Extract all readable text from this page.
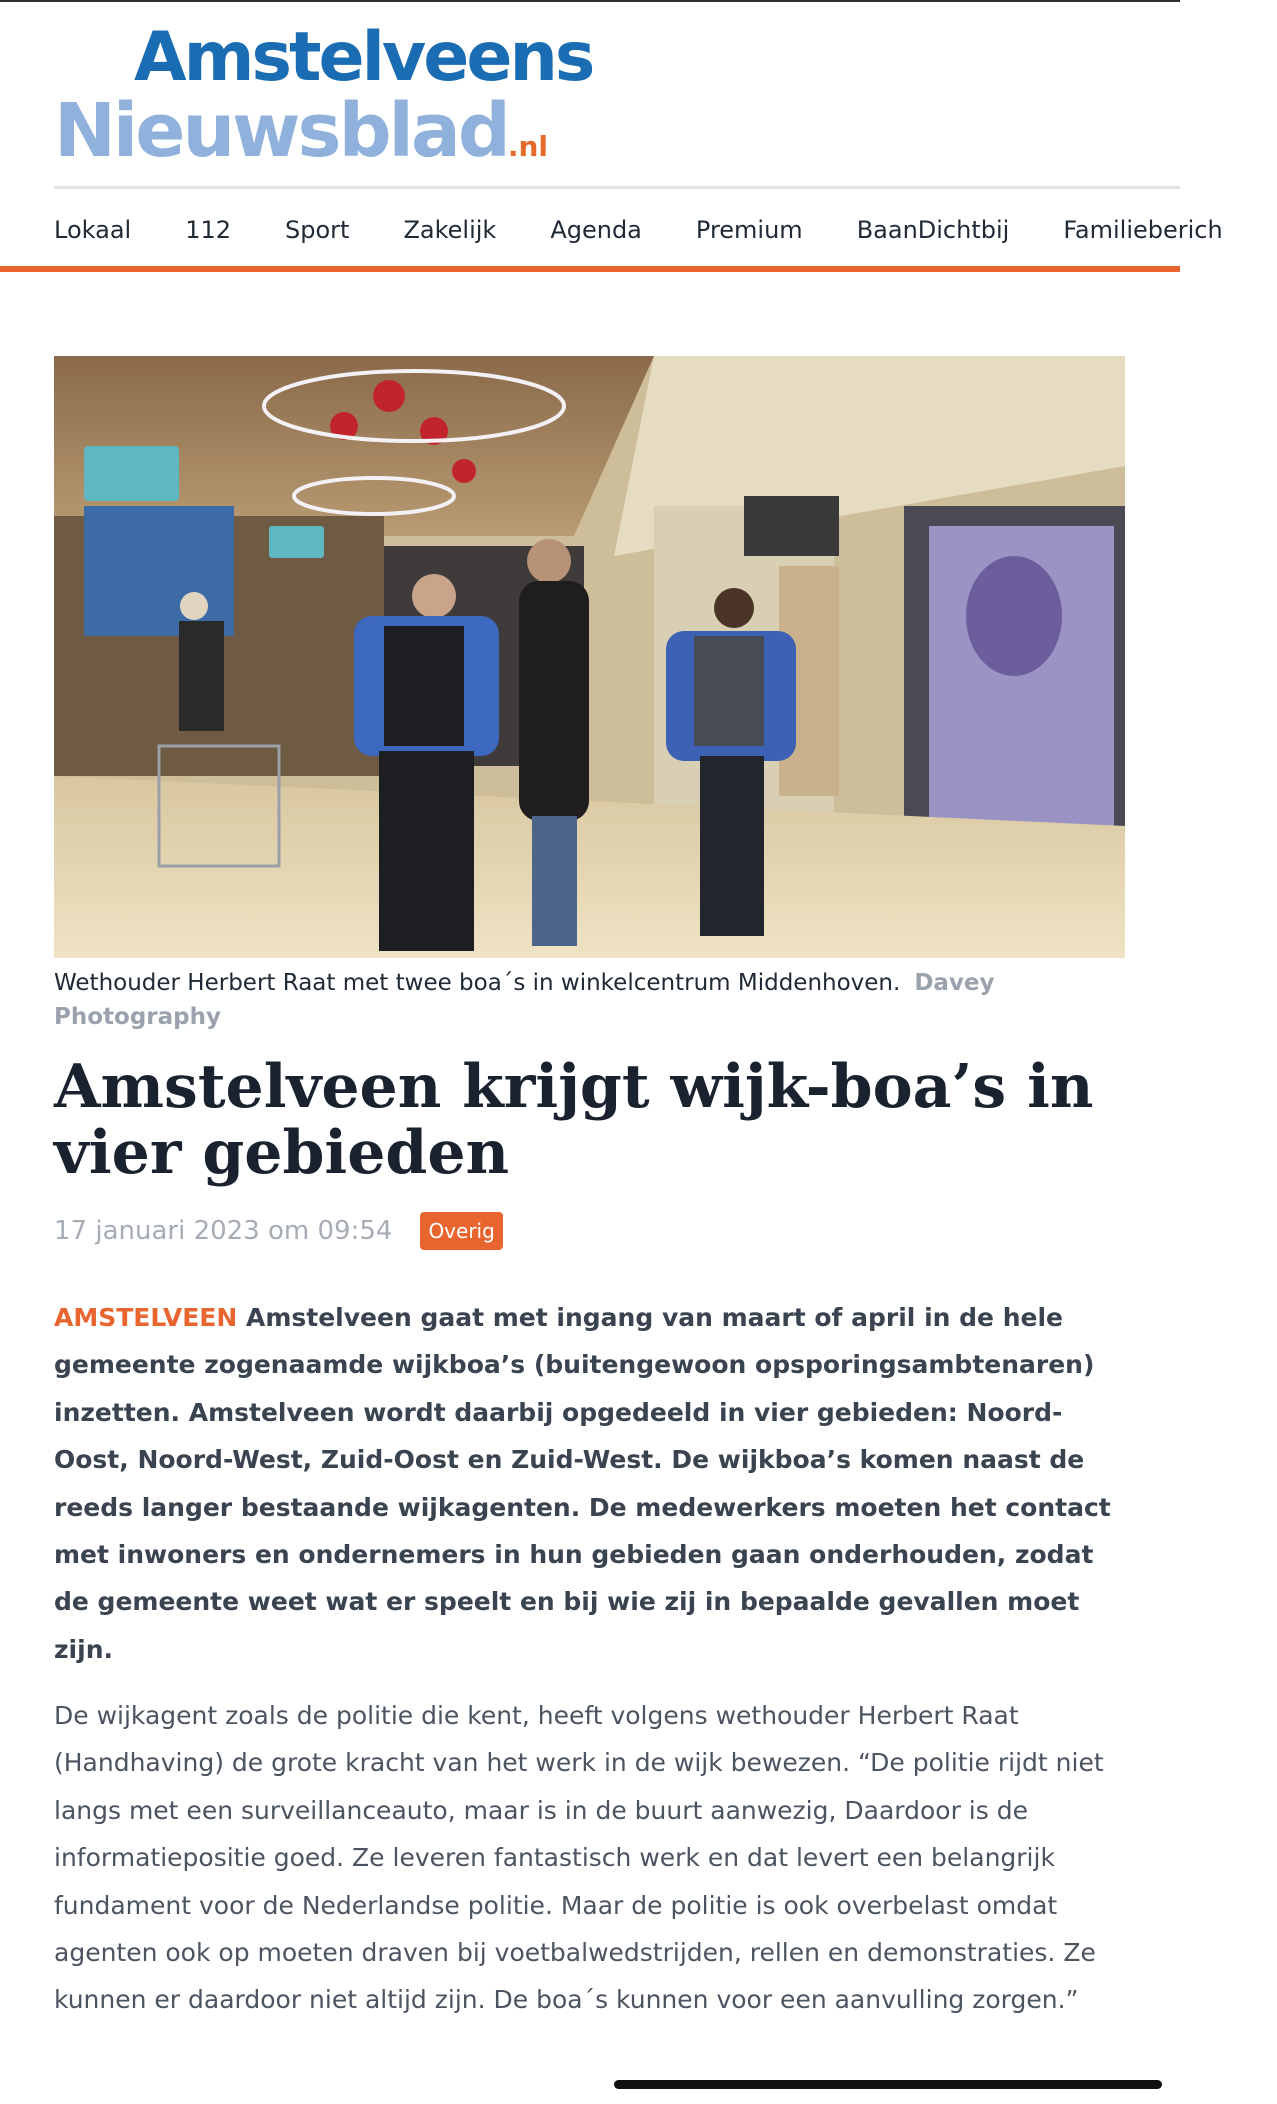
Amstelveens
Nieuwsblad.nl
Lokaal 112 Sport Zakelijk Agenda Premium BaanDichtbij Familieberich
Wethouder Herbert Raat met twee boa´s in winkelcentrum Middenhoven. Davey Photography
Amstelveen krijgt wijk-boa’s in vier gebieden
17 januari 2023 om 09:54	Overig

AMSTELVEEN Amstelveen gaat met ingang van maart of april in de hele gemeente zogenaamde wijkboa’s (buitengewoon opsporingsambtenaren) inzetten. Amstelveen wordt daarbij opgedeeld in vier gebieden: Noord-Oost, Noord-West, Zuid-Oost en Zuid-West. De wijkboa’s komen naast de reeds langer bestaande wijkagenten. De medewerkers moeten het contact met inwoners en ondernemers in hun gebieden gaan onderhouden, zodat de gemeente weet wat er speelt en bij wie zij in bepaalde gevallen moet zijn.

De wijkagent zoals de politie die kent, heeft volgens wethouder Herbert Raat (Handhaving) de grote kracht van het werk in de wijk bewezen. “De politie rijdt niet langs met een surveillanceauto, maar is in de buurt aanwezig, Daardoor is de informatiepositie goed. Ze leveren fantastisch werk en dat levert een belangrijk fundament voor de Nederlandse politie. Maar de politie is ook overbelast omdat agenten ook op moeten draven bij voetbalwedstrijden, rellen en demonstraties. Ze kunnen er daardoor niet altijd zijn. De boa´s kunnen voor een aanvulling zorgen.”
